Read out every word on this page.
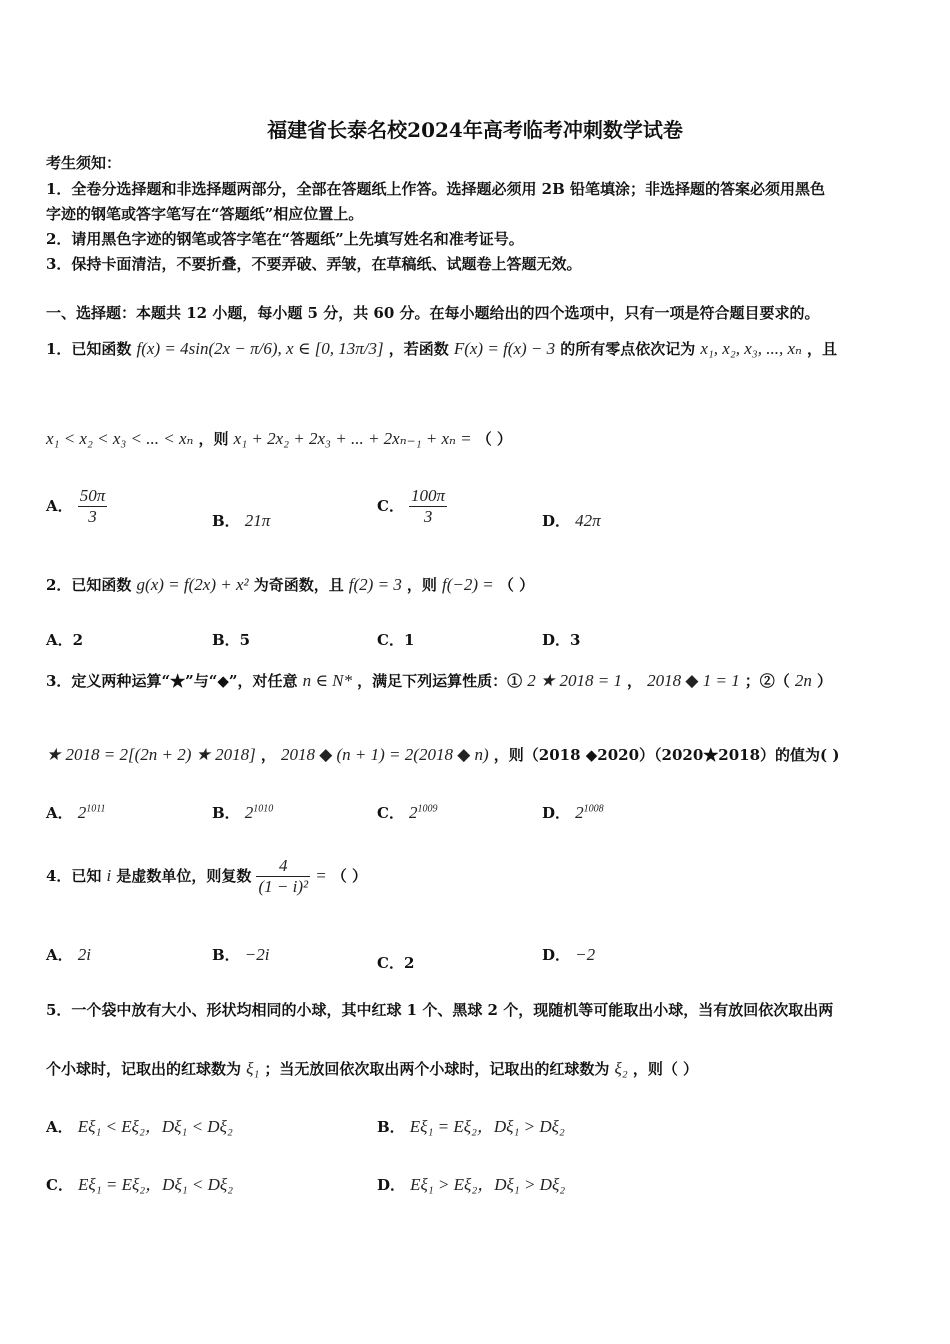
福建省长泰名校2024年高考临考冲刺数学试卷
考生须知：
1．全卷分选择题和非选择题两部分，全部在答题纸上作答。选择题必须用 2B 铅笔填涂；非选择题的答案必须用黑色
字迹的钢笔或答字笔写在“答题纸”相应位置上。
2．请用黑色字迹的钢笔或答字笔在“答题纸”上先填写姓名和准考证号。
3．保持卡面清洁，不要折叠，不要弄破、弄皱，在草稿纸、试题卷上答题无效。
一、选择题：本题共 12 小题，每小题 5 分，共 60 分。在每小题给出的四个选项中，只有一项是符合题目要求的。
1．已知函数 f(x) = 4sin(2x − π/6), x ∈ [0, 13π/3] ，若函数 F(x) = f(x) − 3 的所有零点依次记为 x₁, x₂, x₃, ..., xₙ ，且
x₁ < x₂ < x₃ < ... < xₙ ，则 x₁ + 2x₂ + 2x₃ + ... + 2xₙ₋₁ + xₙ = （ ）
A． $\frac{50\pi}{3}$	B． 21π
C． $\frac{100\pi}{3}$	D． 42π
2．已知函数 g(x) = f(2x) + x² 为奇函数，且 f(2) = 3 ，则 f(−2) = （ ）
A．2	B．5	C．1	D．3
3．定义两种运算“★”与“◆”，对任意 n ∈ N* ，满足下列运算性质：① 2 ★ 2018 = 1 ， 2018 ◆ 1 = 1 ；②（ 2n ）
★ 2018 = 2[(2n + 2) ★ 2018] ， 2018 ◆ (n + 1) = 2(2018 ◆ n) ，则（2018 ◆2020）（2020★2018）的值为( )
A． $2^{1011}$	B． $2^{1010}$	C． $2^{1009}$	D． $2^{1008}$
4．已知 i 是虚数单位，则复数 $\frac{4}{\text{(1 − i)²}}$ = （ ）
A． 2i	B． −2i	C．2	D． −2
5．一个袋中放有大小、形状均相同的小球，其中红球 1 个、黑球 2 个，现随机等可能取出小球，当有放回依次取出两
个小球时，记取出的红球数为 ξ₁ ；当无放回依次取出两个小球时，记取出的红球数为 ξ₂ ，则（ ）
A． Eξ₁ < Eξ₂，Dξ₁ < Dξ₂	B． Eξ₁ = Eξ₂，Dξ₁ > Dξ₂
C． Eξ₁ = Eξ₂，Dξ₁ < Dξ₂	D． Eξ₁ > Eξ₂，Dξ₁ > Dξ₂
